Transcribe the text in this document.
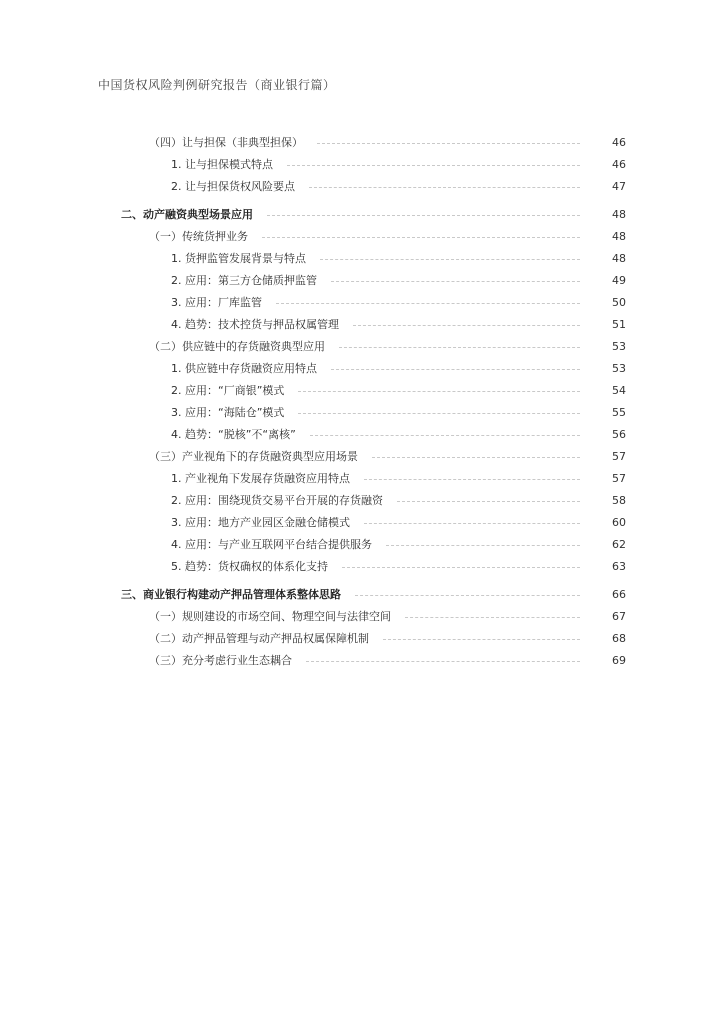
中国货权风险判例研究报告（商业银行篇）
（四）让与担保（非典型担保）	46
1. 让与担保模式特点	46
2. 让与担保货权风险要点	47
二、动产融资典型场景应用	48
（一）传统货押业务	48
1. 货押监管发展背景与特点	48
2. 应用：第三方仓储质押监管	49
3. 应用：厂库监管	50
4. 趋势：技术控货与押品权属管理	51
（二）供应链中的存货融资典型应用	53
1. 供应链中存货融资应用特点	53
2. 应用：“厂商银”模式	54
3. 应用：“海陆仓”模式	55
4. 趋势：“脱核”不“离核”	56
（三）产业视角下的存货融资典型应用场景	57
1. 产业视角下发展存货融资应用特点	57
2. 应用：围绕现货交易平台开展的存货融资	58
3. 应用：地方产业园区金融仓储模式	60
4. 应用：与产业互联网平台结合提供服务	62
5. 趋势：货权确权的体系化支持	63
三、商业银行构建动产押品管理体系整体思路	66
（一）规则建设的市场空间、物理空间与法律空间	67
（二）动产押品管理与动产押品权属保障机制	68
（三）充分考虑行业生态耦合	69
